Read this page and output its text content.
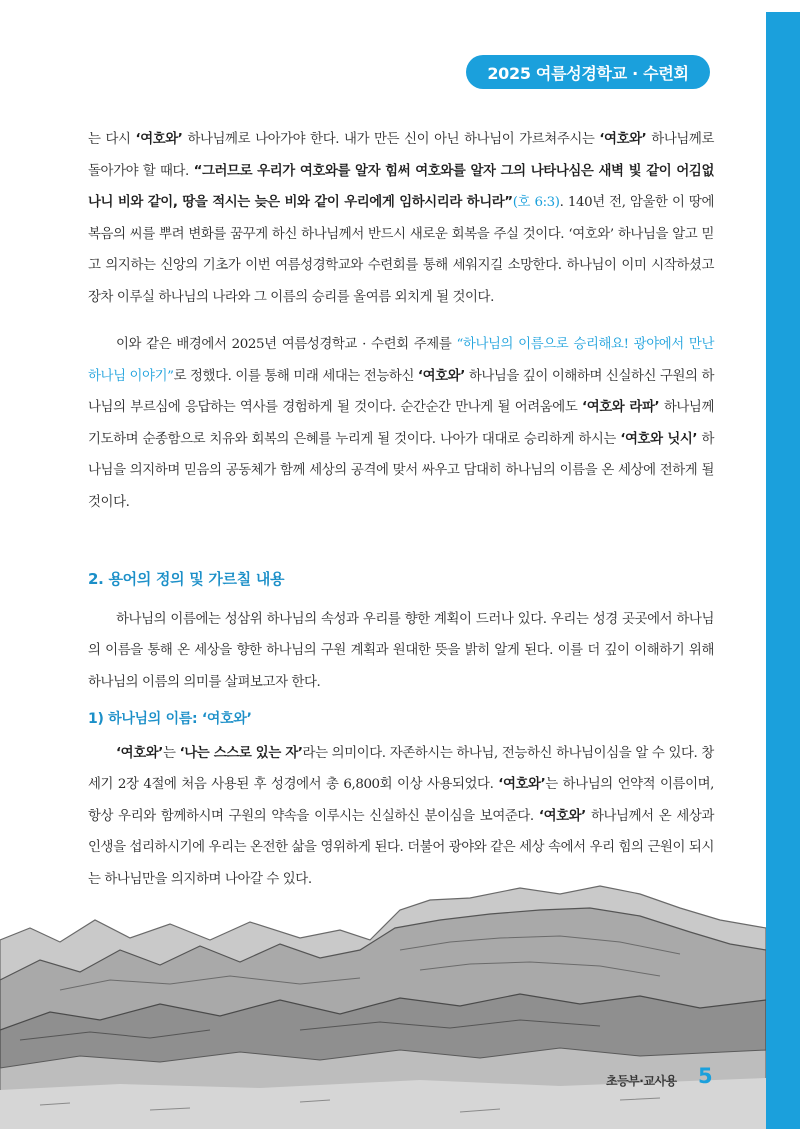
2025 여름성경학교 · 수련회

는 다시 ‘여호와’ 하나님께로 나아가야 한다. 내가 만든 신이 아닌 하나님이 가르쳐주시는 ‘여호와’ 하나님께로 돌아가야 할 때다. “그러므로 우리가 여호와를 알자 힘써 여호와를 알자 그의 나타나심은 새벽 빛 같이 어김없나니 비와 같이, 땅을 적시는 늦은 비와 같이 우리에게 임하시리라 하니라”(호 6:3). 140년 전, 암울한 이 땅에 복음의 씨를 뿌려 변화를 꿈꾸게 하신 하나님께서 반드시 새로운 회복을 주실 것이다. ‘여호와’ 하나님을 알고 믿고 의지하는 신앙의 기초가 이번 여름성경학교와 수련회를 통해 세워지길 소망한다. 하나님이 이미 시작하셨고 장차 이루실 하나님의 나라와 그 이름의 승리를 올여름 외치게 될 것이다.

이와 같은 배경에서 2025년 여름성경학교 · 수련회 주제를 “하나님의 이름으로 승리해요! 광야에서 만난 하나님 이야기”로 정했다. 이를 통해 미래 세대는 전능하신 ‘여호와’ 하나님을 깊이 이해하며 신실하신 구원의 하나님의 부르심에 응답하는 역사를 경험하게 될 것이다. 순간순간 만나게 될 어려움에도 ‘여호와 라파’ 하나님께 기도하며 순종함으로 치유와 회복의 은혜를 누리게 될 것이다. 나아가 대대로 승리하게 하시는 ‘여호와 닛시’ 하나님을 의지하며 믿음의 공동체가 함께 세상의 공격에 맞서 싸우고 담대히 하나님의 이름을 온 세상에 전하게 될 것이다.

2. 용어의 정의 및 가르칠 내용

하나님의 이름에는 성삼위 하나님의 속성과 우리를 향한 계획이 드러나 있다. 우리는 성경 곳곳에서 하나님의 이름을 통해 온 세상을 향한 하나님의 구원 계획과 원대한 뜻을 밝히 알게 된다. 이를 더 깊이 이해하기 위해 하나님의 이름의 의미를 살펴보고자 한다.

1) 하나님의 이름: ‘여호와’

‘여호와’는 ‘나는 스스로 있는 자’라는 의미이다. 자존하시는 하나님, 전능하신 하나님이심을 알 수 있다. 창세기 2장 4절에 처음 사용된 후 성경에서 총 6,800회 이상 사용되었다. ‘여호와’는 하나님의 언약적 이름이며, 항상 우리와 함께하시며 구원의 약속을 이루시는 신실하신 분이심을 보여준다. ‘여호와’ 하나님께서 온 세상과 인생을 섭리하시기에 우리는 온전한 삶을 영위하게 된다. 더불어 광야와 같은 세상 속에서 우리 힘의 근원이 되시는 하나님만을 의지하며 나아갈 수 있다.

초등부·교사용 5
